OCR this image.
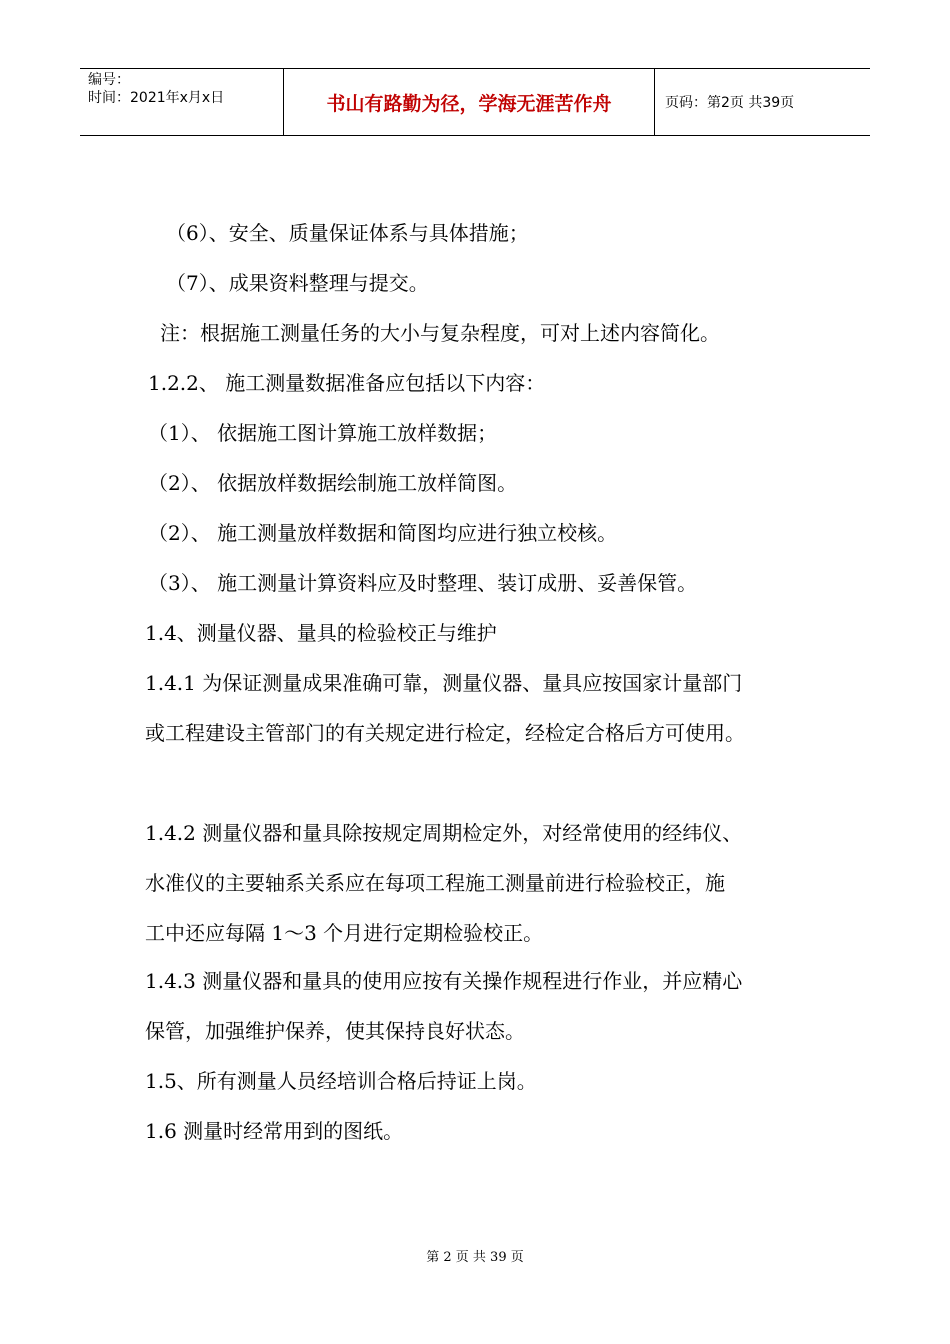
编号：
时间：2021年x月x日	书山有路勤为径，学海无涯苦作舟	页码：第2页 共39页
（6）、安全、质量保证体系与具体措施；
（7）、成果资料整理与提交。
注：根据施工测量任务的大小与复杂程度，可对上述内容简化。
1.2.2、 施工测量数据准备应包括以下内容：
（1）、 依据施工图计算施工放样数据；
（2）、 依据放样数据绘制施工放样简图。
（2）、 施工测量放样数据和简图均应进行独立校核。
（3）、 施工测量计算资料应及时整理、装订成册、妥善保管。
1.4、测量仪器、量具的检验校正与维护
1.4.1 为保证测量成果准确可靠，测量仪器、量具应按国家计量部门
或工程建设主管部门的有关规定进行检定，经检定合格后方可使用。
1.4.2 测量仪器和量具除按规定周期检定外，对经常使用的经纬仪、
水准仪的主要轴系关系应在每项工程施工测量前进行检验校正，施
工中还应每隔 1～3 个月进行定期检验校正。
1.4.3 测量仪器和量具的使用应按有关操作规程进行作业，并应精心
保管，加强维护保养，使其保持良好状态。
1.5、所有测量人员经培训合格后持证上岗。
1.6 测量时经常用到的图纸。
第 2 页 共 39 页
